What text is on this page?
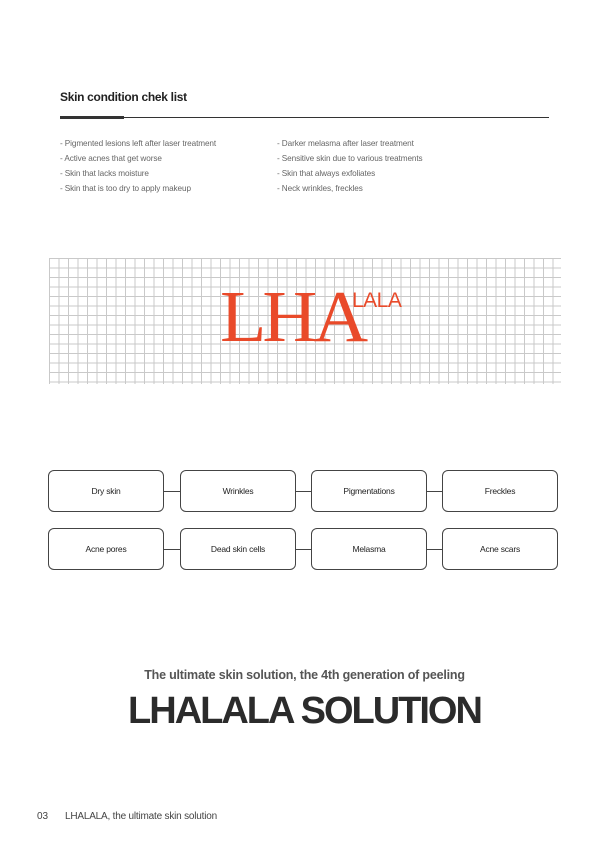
Skin condition chek list
- Pigmented lesions left after laser treatment
- Active acnes that get worse
- Skin that lacks moisture
- Skin that is too dry to apply makeup
- Darker melasma after laser treatment
- Sensitive skin due to various treatments
- Skin that always exfoliates
- Neck wrinkles, freckles
LHA
LALA
Dry skin	Wrinkles	Pigmentations	Freckles
Acne pores	Dead skin cells	Melasma	Acne scars
The ultimate skin solution, the 4th generation of peeling
LHALALA SOLUTION
03 LHALALA, the ultimate skin solution
